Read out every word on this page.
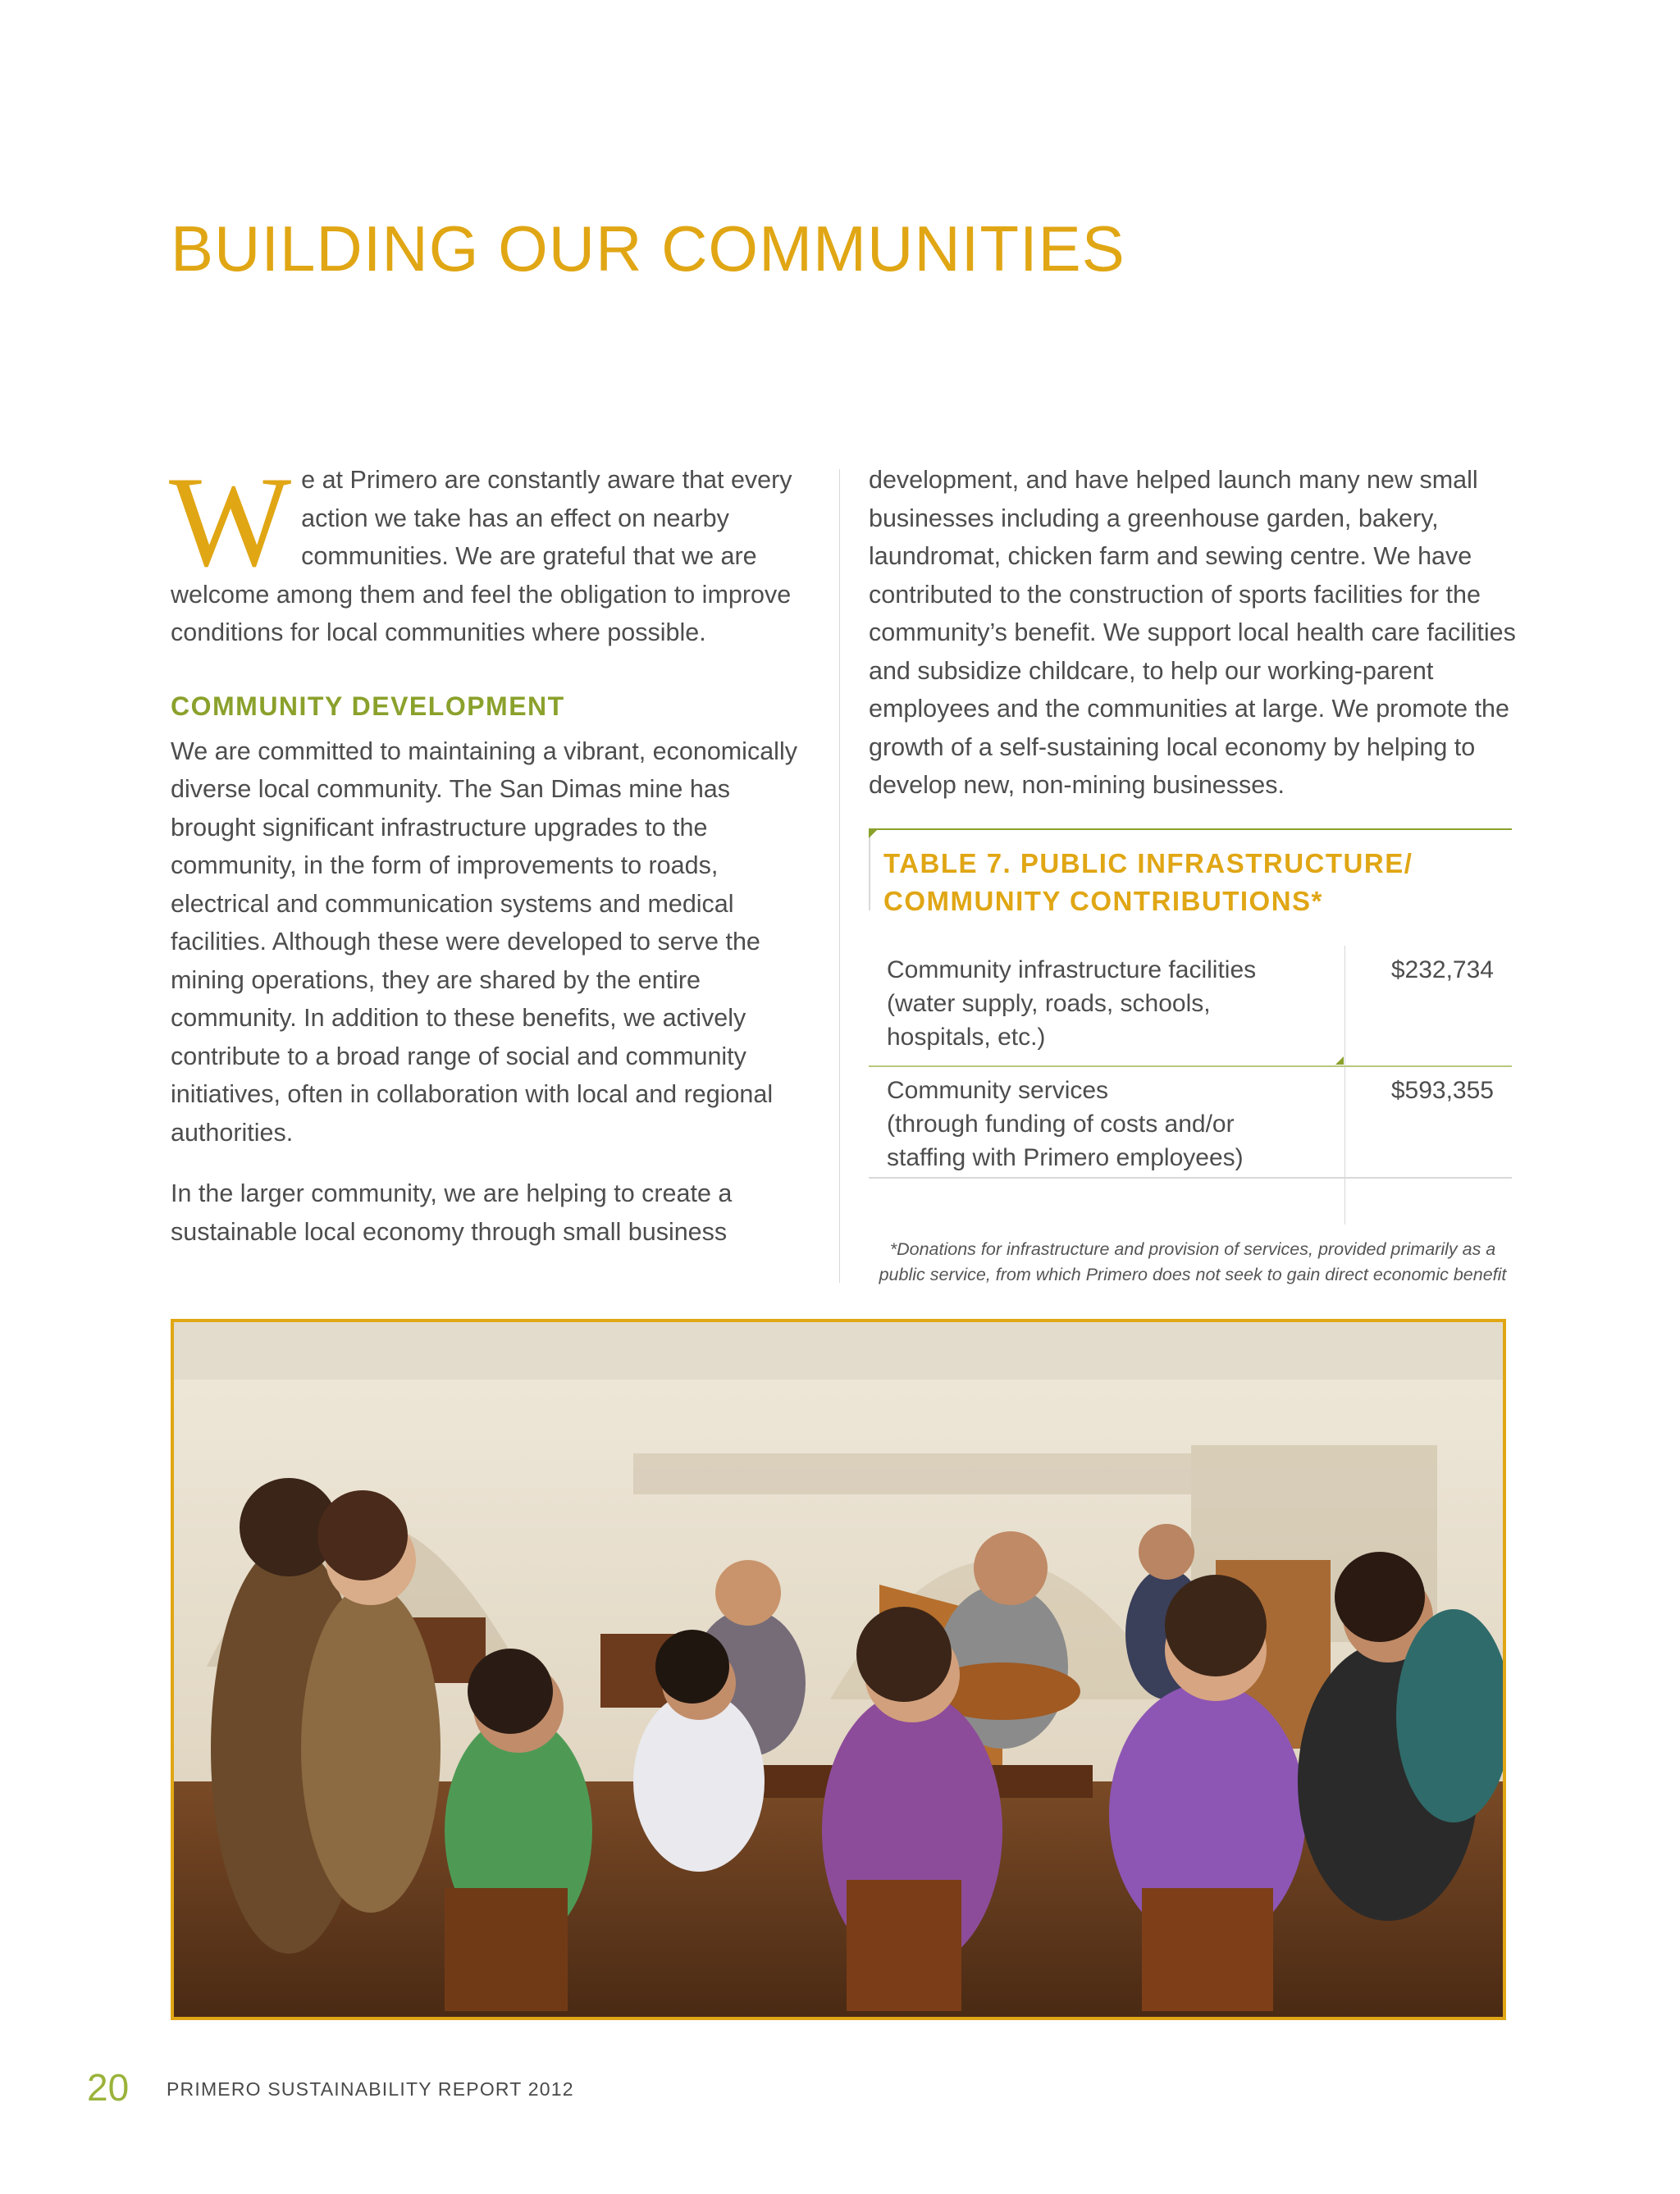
BUILDING OUR COMMUNITIES

We at Primero are constantly aware that every action we take has an effect on nearby communities. We are grateful that we are welcome among them and feel the obligation to improve conditions for local communities where possible.

COMMUNITY DEVELOPMENT

We are committed to maintaining a vibrant, economically diverse local community. The San Dimas mine has brought significant infrastructure upgrades to the community, in the form of improvements to roads, electrical and communication systems and medical facilities. Although these were developed to serve the mining operations, they are shared by the entire community. In addition to these benefits, we actively contribute to a broad range of social and community initiatives, often in collaboration with local and regional authorities.

In the larger community, we are helping to create a sustainable local economy through small business

development, and have helped launch many new small businesses including a greenhouse garden, bakery, laundromat, chicken farm and sewing centre. We have contributed to the construction of sports facilities for the community’s benefit. We support local health care facilities and subsidize childcare, to help our working-parent employees and the communities at large. We promote the growth of a self-sustaining local economy by helping to develop new, non-mining businesses.

TABLE 7. PUBLIC INFRASTRUCTURE/ COMMUNITY CONTRIBUTIONS*
Community infrastructure facilities
(water supply, roads, schools,
hospitals, etc.)
$232,734
Community services
(through funding of costs and/or
staffing with Primero employees)
$593,355
*Donations for infrastructure and provision of services, provided primarily as a public service, from which Primero does not seek to gain direct economic benefit
20 PRIMERO SUSTAINABILITY REPORT 2012
